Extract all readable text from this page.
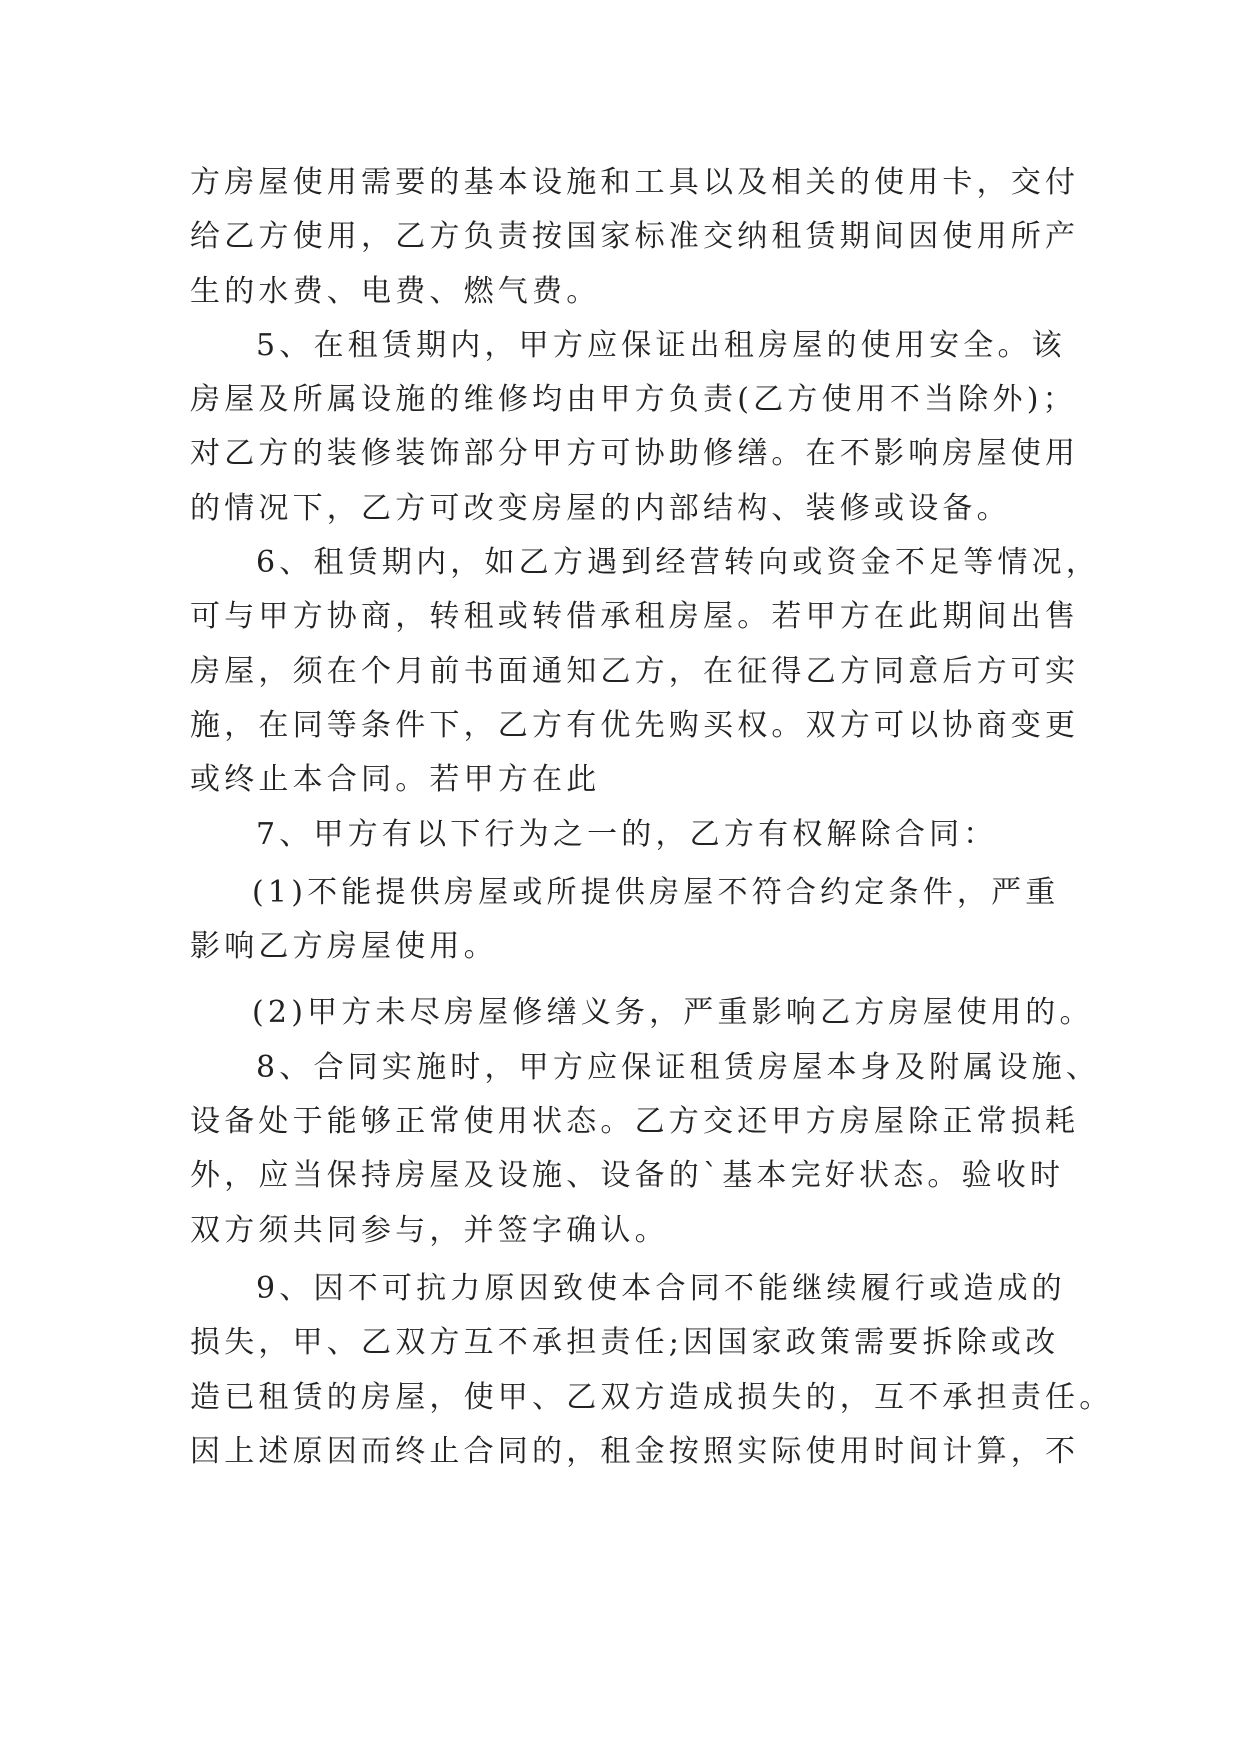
方房屋使用需要的基本设施和工具以及相关的使用卡，交付
给乙方使用，乙方负责按国家标准交纳租赁期间因使用所产
生的水费、电费、燃气费。
5、在租赁期内，甲方应保证出租房屋的使用安全。该
房屋及所属设施的维修均由甲方负责(乙方使用不当除外)；
对乙方的装修装饰部分甲方可协助修缮。在不影响房屋使用
的情况下，乙方可改变房屋的内部结构、装修或设备。
6、租赁期内，如乙方遇到经营转向或资金不足等情况，
可与甲方协商，转租或转借承租房屋。若甲方在此期间出售
房屋，须在个月前书面通知乙方，在征得乙方同意后方可实
施，在同等条件下，乙方有优先购买权。双方可以协商变更
或终止本合同。若甲方在此
7、甲方有以下行为之一的，乙方有权解除合同：
(1)不能提供房屋或所提供房屋不符合约定条件，严重
影响乙方房屋使用。
(2)甲方未尽房屋修缮义务，严重影响乙方房屋使用的。
8、合同实施时，甲方应保证租赁房屋本身及附属设施、
设备处于能够正常使用状态。乙方交还甲方房屋除正常损耗
外，应当保持房屋及设施、设备的`基本完好状态。验收时
双方须共同参与，并签字确认。
9、因不可抗力原因致使本合同不能继续履行或造成的
损失，甲、乙双方互不承担责任;因国家政策需要拆除或改
造已租赁的房屋，使甲、乙双方造成损失的，互不承担责任。
因上述原因而终止合同的，租金按照实际使用时间计算，不
